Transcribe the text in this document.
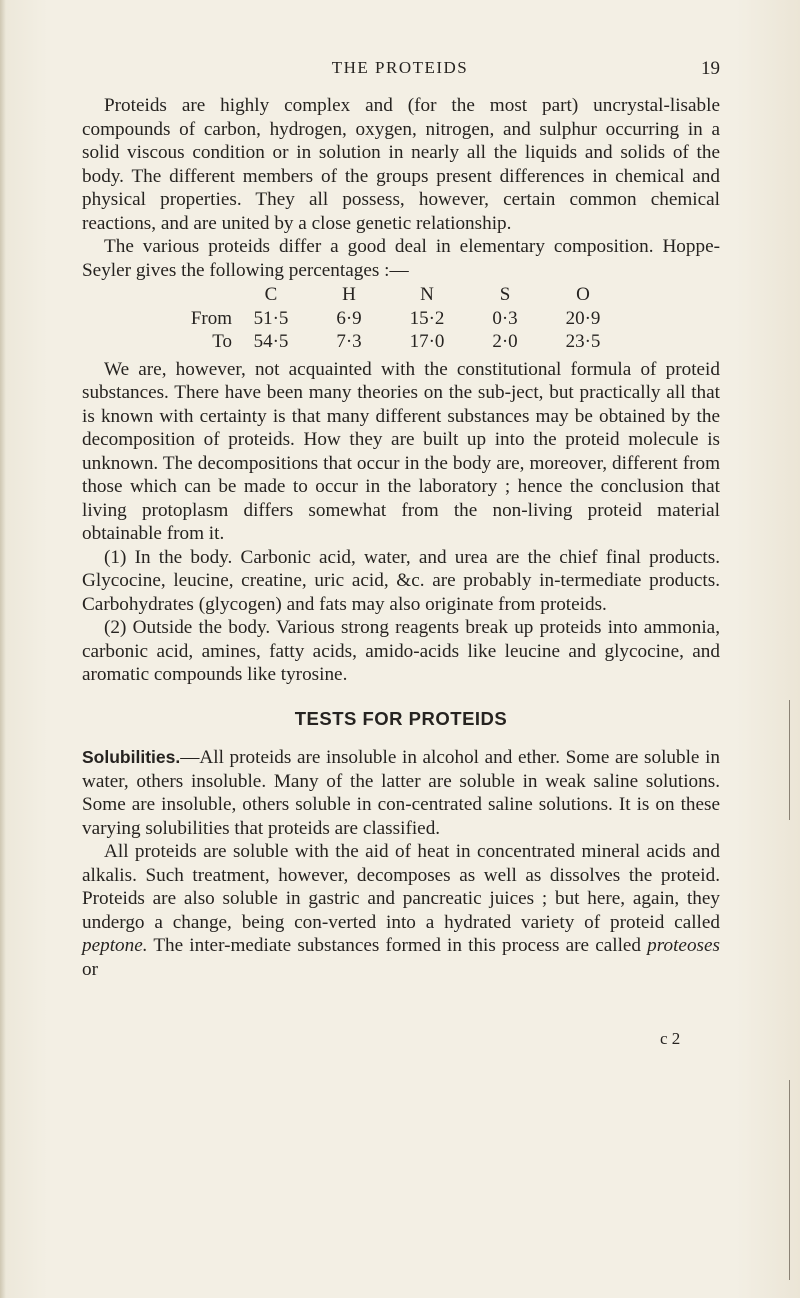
THE PROTEIDS	19

Proteids are highly complex and (for the most part) uncrystal-lisable compounds of carbon, hydrogen, oxygen, nitrogen, and sulphur occurring in a solid viscous condition or in solution in nearly all the liquids and solids of the body. The different members of the groups present differences in chemical and physical properties. They all possess, however, certain common chemical reactions, and are united by a close genetic relationship.

The various proteids differ a good deal in elementary composition. Hoppe-Seyler gives the following percentages :—

	C	H	N	S	O
From	51·5	6·9	15·2	0·3	20·9
To	54·5	7·3	17·0	2·0	23·5

We are, however, not acquainted with the constitutional formula of proteid substances. There have been many theories on the sub-ject, but practically all that is known with certainty is that many different substances may be obtained by the decomposition of proteids. How they are built up into the proteid molecule is unknown. The decompositions that occur in the body are, moreover, different from those which can be made to occur in the laboratory ; hence the conclusion that living protoplasm differs somewhat from the non-living proteid material obtainable from it.

(1) In the body. Carbonic acid, water, and urea are the chief final products. Glycocine, leucine, creatine, uric acid, &c. are probably in-termediate products. Carbohydrates (glycogen) and fats may also originate from proteids.

(2) Outside the body. Various strong reagents break up proteids into ammonia, carbonic acid, amines, fatty acids, amido-acids like leucine and glycocine, and aromatic compounds like tyrosine.

TESTS FOR PROTEIDS

Solubilities.—All proteids are insoluble in alcohol and ether. Some are soluble in water, others insoluble. Many of the latter are soluble in weak saline solutions. Some are insoluble, others soluble in con-centrated saline solutions. It is on these varying solubilities that proteids are classified.

All proteids are soluble with the aid of heat in concentrated mineral acids and alkalis. Such treatment, however, decomposes as well as dissolves the proteid. Proteids are also soluble in gastric and pancreatic juices ; but here, again, they undergo a change, being con-verted into a hydrated variety of proteid called peptone. The inter-mediate substances formed in this process are called proteoses or

c 2
